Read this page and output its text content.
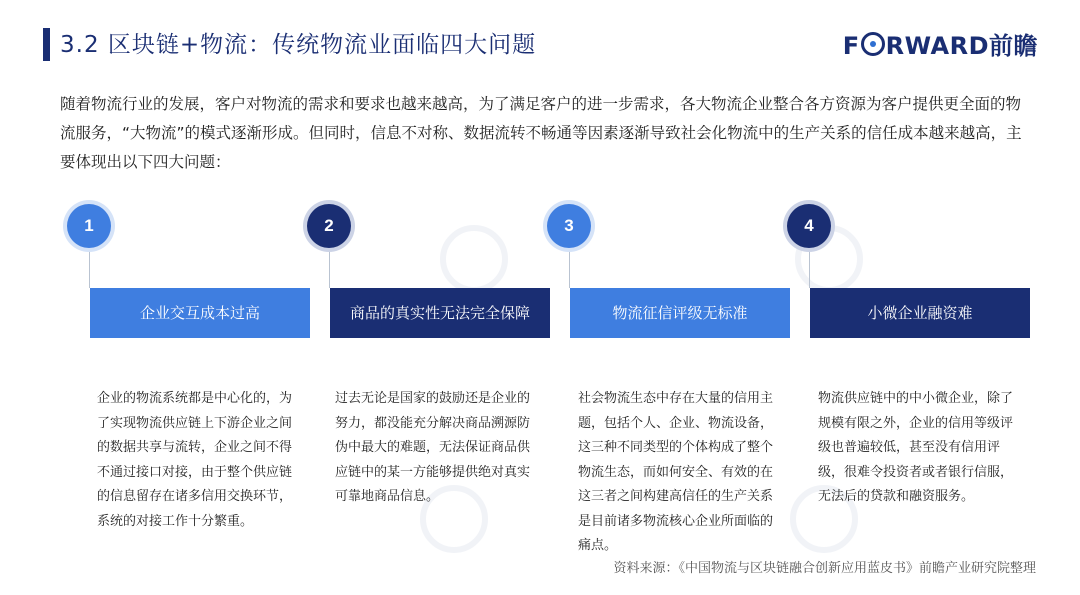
3.2 区块链+物流：传统物流业面临四大问题	F RWARD前瞻

随着物流行业的发展，客户对物流的需求和要求也越来越高，为了满足客户的进一步需求，各大物流企业整合各方资源为客户提供更全面的物流服务，“大物流”的模式逐渐形成。但同时，信息不对称、数据流转不畅通等因素逐渐导致社会化物流中的生产关系的信任成本越来越高，主要体现出以下四大问题：

1
企业交互成本过高

企业的物流系统都是中心化的，为了实现物流供应链上下游企业之间的数据共享与流转，企业之间不得不通过接口对接，由于整个供应链的信息留存在诸多信用交换环节，系统的对接工作十分繁重。

2
商品的真实性无法完全保障

过去无论是国家的鼓励还是企业的努力，都没能充分解决商品溯源防伪中最大的难题，无法保证商品供应链中的某一方能够提供绝对真实可靠地商品信息。

3
物流征信评级无标准

社会物流生态中存在大量的信用主题，包括个人、企业、物流设备，这三种不同类型的个体构成了整个物流生态，而如何安全、有效的在这三者之间构建高信任的生产关系是目前诸多物流核心企业所面临的痛点。

4
小微企业融资难

物流供应链中的中小微企业，除了规模有限之外，企业的信用等级评级也普遍较低，甚至没有信用评级，很难令投资者或者银行信服，无法后的贷款和融资服务。

资料来源：《中国物流与区块链融合创新应用蓝皮书》前瞻产业研究院整理
